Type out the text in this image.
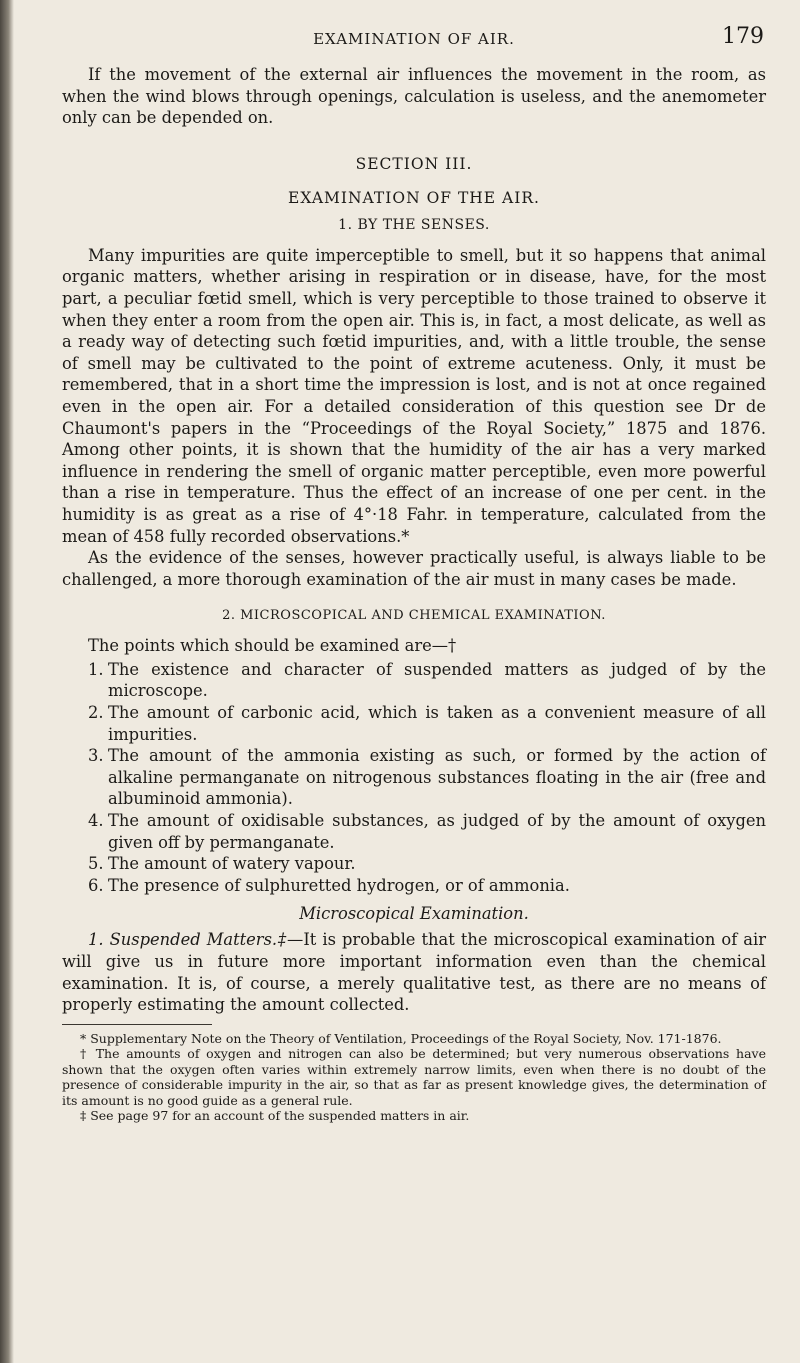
EXAMINATION OF AIR.	179

If the movement of the external air influences the movement in the room, as when the wind blows through openings, calculation is useless, and the anemometer only can be depended on.

SECTION III.
EXAMINATION OF THE AIR.
1. BY THE SENSES.

Many impurities are quite imperceptible to smell, but it so happens that animal organic matters, whether arising in respiration or in disease, have, for the most part, a peculiar fœtid smell, which is very perceptible to those trained to observe it when they enter a room from the open air. This is, in fact, a most delicate, as well as a ready way of detecting such fœtid impurities, and, with a little trouble, the sense of smell may be cultivated to the point of extreme acuteness. Only, it must be remembered, that in a short time the impression is lost, and is not at once regained even in the open air. For a detailed consideration of this question see Dr de Chaumont's papers in the “Proceedings of the Royal Society,” 1875 and 1876. Among other points, it is shown that the humidity of the air has a very marked influence in rendering the smell of organic matter perceptible, even more powerful than a rise in temperature. Thus the effect of an increase of one per cent. in the humidity is as great as a rise of 4°·18 Fahr. in temperature, calculated from the mean of 458 fully recorded observations.*

As the evidence of the senses, however practically useful, is always liable to be challenged, a more thorough examination of the air must in many cases be made.

2. MICROSCOPICAL AND CHEMICAL EXAMINATION.

The points which should be examined are—†

1. The existence and character of suspended matters as judged of by the microscope.
2. The amount of carbonic acid, which is taken as a convenient measure of all impurities.
3. The amount of the ammonia existing as such, or formed by the action of alkaline permanganate on nitrogenous substances floating in the air (free and albuminoid ammonia).
4. The amount of oxidisable substances, as judged of by the amount of oxygen given off by permanganate.
5. The amount of watery vapour.
6. The presence of sulphuretted hydrogen, or of ammonia.
Microscopical Examination.

1. Suspended Matters.‡—It is probable that the microscopical examination of air will give us in future more important information even than the chemical examination. It is, of course, a merely qualitative test, as there are no means of properly estimating the amount collected.

* Supplementary Note on the Theory of Ventilation, Proceedings of the Royal Society, Nov. 171-1876.

† The amounts of oxygen and nitrogen can also be determined; but very numerous observations have shown that the oxygen often varies within extremely narrow limits, even when there is no doubt of the presence of considerable impurity in the air, so that as far as present knowledge gives, the determination of its amount is no good guide as a general rule.

‡ See page 97 for an account of the suspended matters in air.
